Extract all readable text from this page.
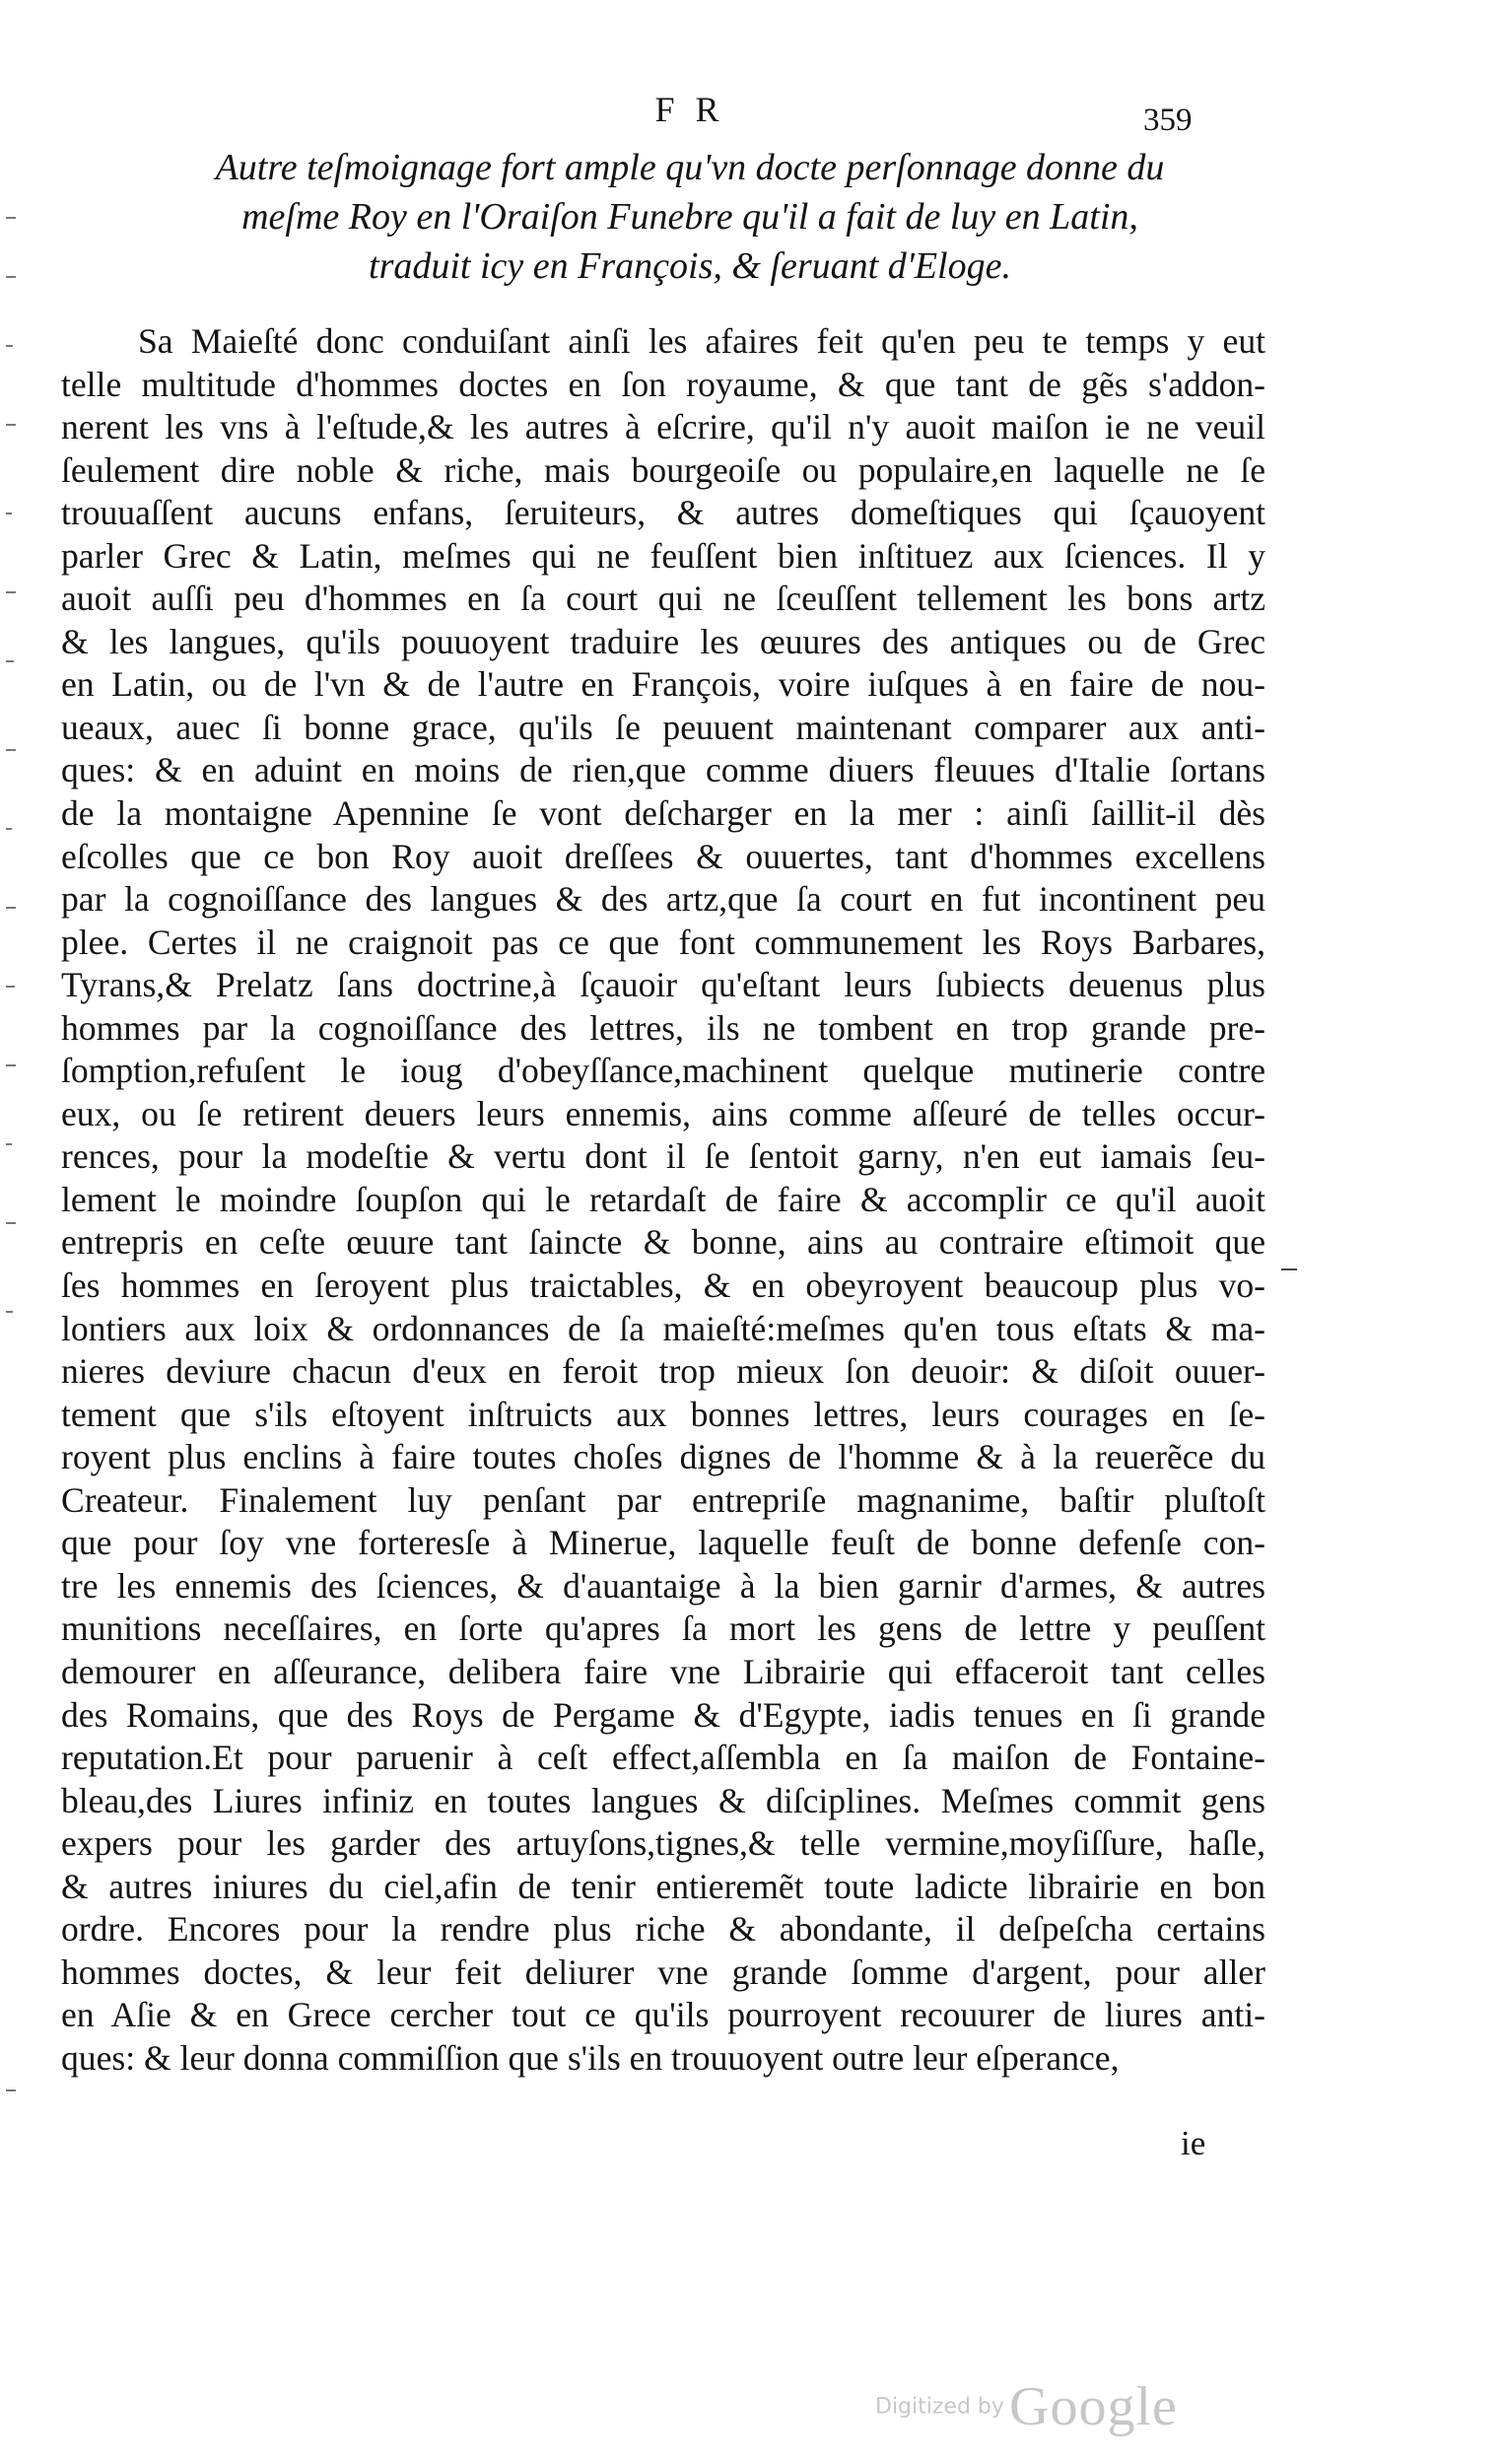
F R	359
Autre teſmoignage fort ample qu'vn docte perſonnage donne du
meſme Roy en l'Oraiſon Funebre qu'il a fait de luy en Latin,
traduit icy en François, & ſeruant d'Eloge.
Sa Maieſté donc conduiſant ainſi les afaires feit qu'en peu te temps y eut
telle multitude d'hommes doctes en ſon royaume, & que tant de gẽs s'addon-
nerent les vns à l'eſtude,& les autres à eſcrire, qu'il n'y auoit maiſon ie ne veuil
ſeulement dire noble & riche, mais bourgeoiſe ou populaire,en laquelle ne ſe
trouuaſſent aucuns enfans, ſeruiteurs, & autres domeſtiques qui ſçauoyent
parler Grec & Latin, meſmes qui ne feuſſent bien inſtituez aux ſciences. Il y
auoit auſſi peu d'hommes en ſa court qui ne ſceuſſent tellement les bons artz
& les langues, qu'ils pouuoyent traduire les œuures des antiques ou de Grec
en Latin, ou de l'vn & de l'autre en François, voire iuſques à en faire de nou-
ueaux, auec ſi bonne grace, qu'ils ſe peuuent maintenant comparer aux anti-
ques: & en aduint en moins de rien,que comme diuers fleuues d'Italie ſortans
de la montaigne Apennine ſe vont deſcharger en la mer : ainſi ſaillit-il dès
eſcolles que ce bon Roy auoit dreſſees & ouuertes, tant d'hommes excellens
par la cognoiſſance des langues & des artz,que ſa court en fut incontinent peu
plee. Certes il ne craignoit pas ce que font communement les Roys Barbares,
Tyrans,& Prelatz ſans doctrine,à ſçauoir qu'eſtant leurs ſubiects deuenus plus
hommes par la cognoiſſance des lettres, ils ne tombent en trop grande pre-
ſomption,refuſent le ioug d'obeyſſance,machinent quelque mutinerie contre
eux, ou ſe retirent deuers leurs ennemis, ains comme aſſeuré de telles occur-
rences, pour la modeſtie & vertu dont il ſe ſentoit garny, n'en eut iamais ſeu-
lement le moindre ſoupſon qui le retardaſt de faire & accomplir ce qu'il auoit
entrepris en ceſte œuure tant ſaincte & bonne, ains au contraire eſtimoit que
ſes hommes en ſeroyent plus traictables, & en obeyroyent beaucoup plus vo-
lontiers aux loix & ordonnances de ſa maieſté:meſmes qu'en tous eſtats & ma-
nieres deviure chacun d'eux en feroit trop mieux ſon deuoir: & diſoit ouuer-
tement que s'ils eſtoyent inſtruicts aux bonnes lettres, leurs courages en ſe-
royent plus enclins à faire toutes choſes dignes de l'homme & à la reuerẽce du
Createur. Finalement luy penſant par entrepriſe magnanime, baſtir pluſtoſt
que pour ſoy vne forteresſe à Minerue, laquelle feuſt de bonne defenſe con-
tre les ennemis des ſciences, & d'auantaige à la bien garnir d'armes, & autres
munitions neceſſaires, en ſorte qu'apres ſa mort les gens de lettre y peuſſent
demourer en aſſeurance, delibera faire vne Librairie qui effaceroit tant celles
des Romains, que des Roys de Pergame & d'Egypte, iadis tenues en ſi grande
reputation.Et pour paruenir à ceſt effect,aſſembla en ſa maiſon de Fontaine-
bleau,des Liures infiniz en toutes langues & diſciplines. Meſmes commit gens
expers pour les garder des artuyſons,tignes,& telle vermine,moyſiſſure, haſle,
& autres iniures du ciel,afin de tenir entieremẽt toute ladicte librairie en bon
ordre. Encores pour la rendre plus riche & abondante, il deſpeſcha certains
hommes doctes, & leur feit deliurer vne grande ſomme d'argent, pour aller
en Aſie & en Grece cercher tout ce qu'ils pourroyent recouurer de liures anti-
ques: & leur donna commiſſion que s'ils en trouuoyent outre leur eſperance,
ie
Digitized by Google
